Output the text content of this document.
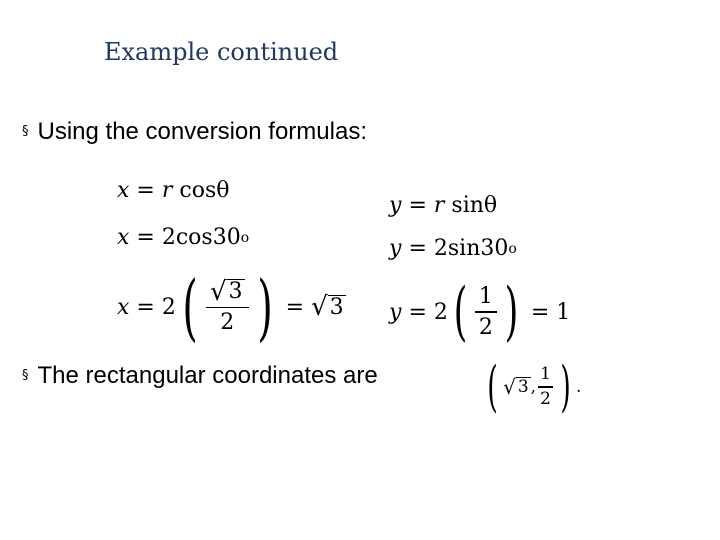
Example continued
§ Using the conversion formulas:
x = r cos θ
x = 2 cos 30 o
x = 2 ( $\frac{√ 3}{2}$ ) = √ 3
y = r sin θ
y = 2 sin 30 o
y = 2 ( $\frac{1}{2}$ ) = 1
§ The rectangular coordinates are ( √ 3 , $\frac{1}{2}$ ) .
